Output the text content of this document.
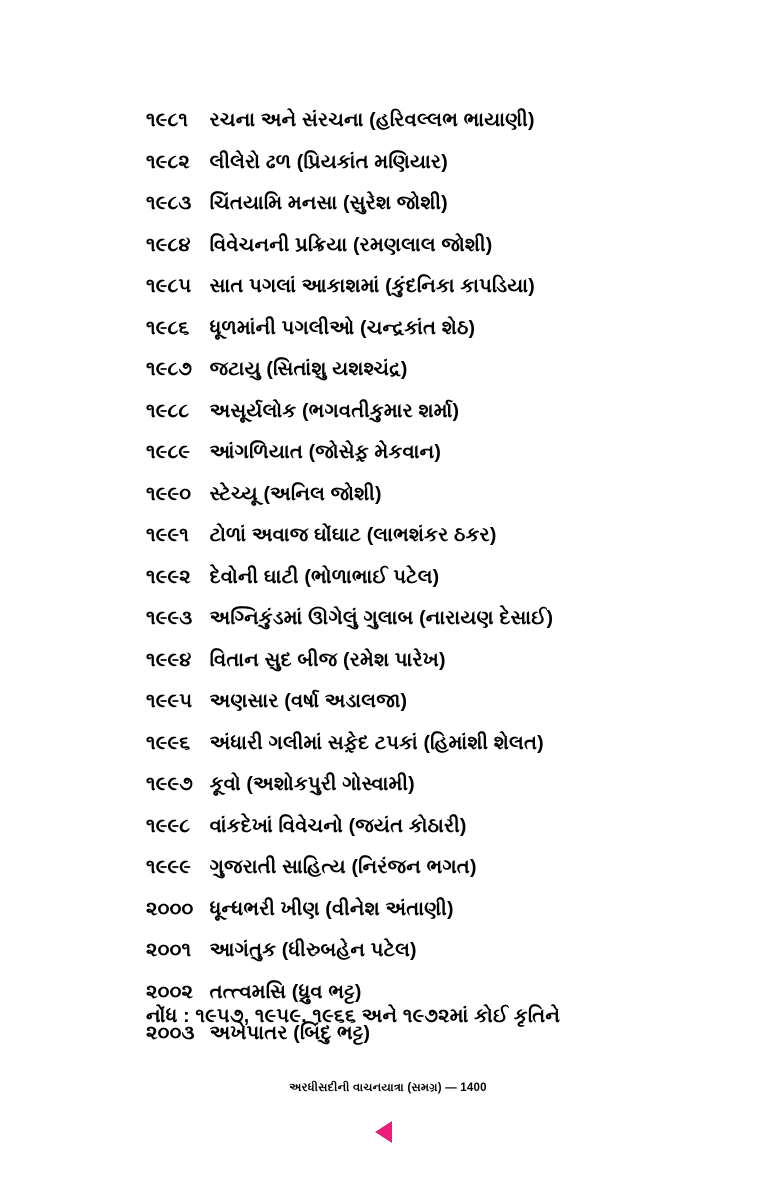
૧૯૮૧ રચના અને સંરચના (હરિવલ્લભ ભાયાણી)
૧૯૮૨ લીલેરો ઢળ (પ્રિયકાંત મણિયાર)
૧૯૮૩ ચિંતયામિ મનસા (સુરેશ જોશી)
૧૯૮૪ વિવેચનની પ્રક્રિયા (રમણલાલ જોશી)
૧૯૮૫ સાત પગલાં આકાશમાં (કુંદનિકા કાપડિયા)
૧૯૮૬ ધૂળમાંની પગલીઓ (ચન્દ્રકાંત શેઠ)
૧૯૮૭ જટાયુ (સિતાંશુ યશશ્ચંદ્ર)
૧૯૮૮ અસૂર્યલોક (ભગવતીકુમાર શર્મા)
૧૯૮૯ આંગળિયાત (જોસેફ઼ મેકવાન)
૧૯૯૦ સ્ટેચ્યૂ (અનિલ જોશી)
૧૯૯૧ ટોળાં અવાજ ઘોંઘાટ (લાભશંકર ઠકર)
૧૯૯૨ દેવોની ઘાટી (ભોળાભાઈ પટેલ)
૧૯૯૩ અગ્નિકુંડમાં ઊગેલું ગુલાબ (નારાયણ દેસાઈ)
૧૯૯૪ વિતાન સુદ બીજ (રમેશ પારેખ)
૧૯૯૫ અણસાર (વર્ષા અડાલજા)
૧૯૯૬ અંધારી ગલીમાં સફ઼ેદ ટપકાં (હિમાંશી શેલત)
૧૯૯૭ કૂવો (અશોકપુરી ગોસ્વામી)
૧૯૯૮ વાંકદેખાં વિવેચનો (જયંત કોઠારી)
૧૯૯૯ ગુજરાતી સાહિત્ય (નિરંજન ભગત)
૨૦૦૦ ધૂન્ધભરી ખીણ (વીનેશ અંતાણી)
૨૦૦૧ આગંતુક (ધીરુબહેન પટેલ)
૨૦૦૨ તત્ત્વમસિ (ધ્રુવ ભટ્ટ)
૨૦૦૩ અખેપાતર (બિંદુ ભટ્ટ)
નોંધ : ૧૯૫૭, ૧૯૫૯, ૧૯૬૬ અને ૧૯૭૨માં કોઈ કૃતિને
અરધીસદીની વાચનયાત્રા (સમગ્ર) — 1400
